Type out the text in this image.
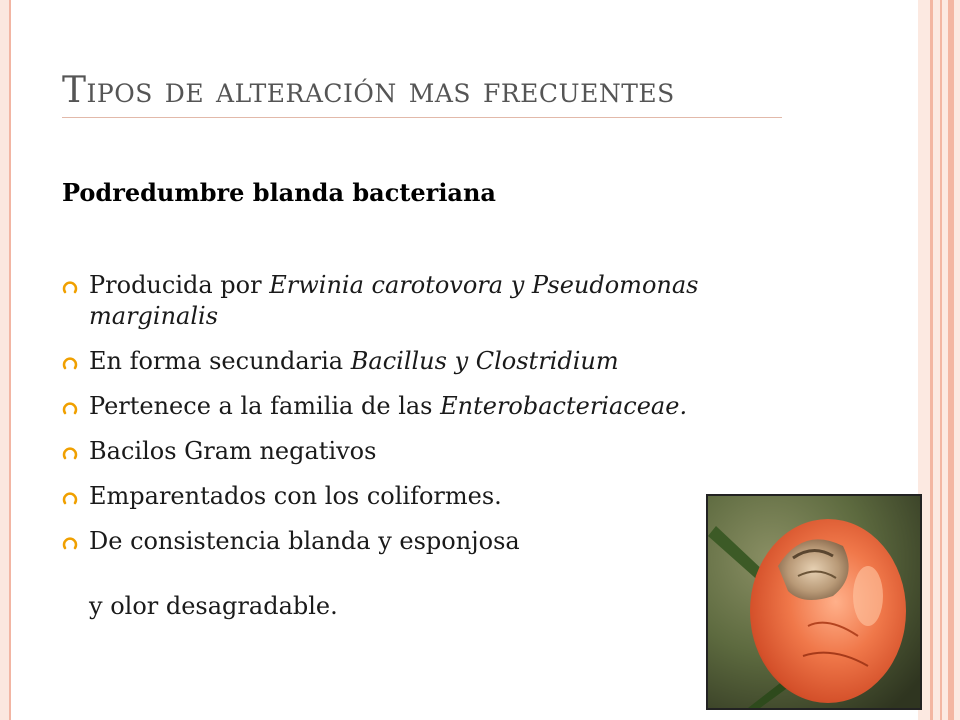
Tipos de alteración mas frecuentes
Podredumbre blanda bacteriana
Producida por Erwinia carotovora y Pseudomonas marginalis
En forma secundaria Bacillus y Clostridium
Pertenece a la familia de las Enterobacteriaceae.
Bacilos Gram negativos
Emparentados con los coliformes.
De consistencia blanda y esponjosa
y olor desagradable.
